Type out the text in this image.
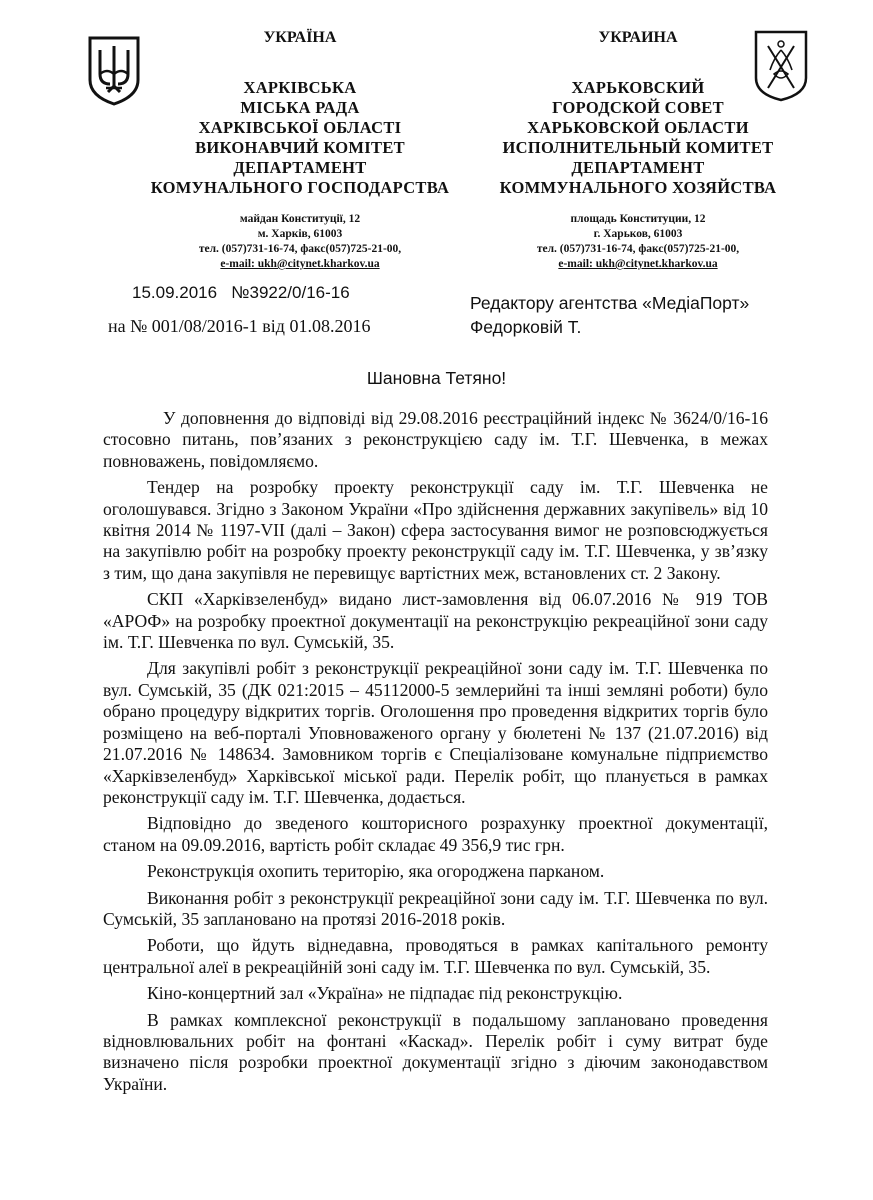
УКРАЇНА
ХАРКІВСЬКА
МІСЬКА РАДА
ХАРКІВСЬКОЇ ОБЛАСТІ
ВИКОНАВЧИЙ КОМІТЕТ
ДЕПАРТАМЕНТ
КОМУНАЛЬНОГО ГОСПОДАРСТВА
майдан Конституції, 12
м. Харків, 61003
тел. (057)731-16-74, факс(057)725-21-00,
e-mail: ukh@citynet.kharkov.ua
УКРАИНА
ХАРЬКОВСКИЙ
ГОРОДСКОЙ СОВЕТ
ХАРЬКОВСКОЙ ОБЛАСТИ
ИСПОЛНИТЕЛЬНЫЙ КОМИТЕТ
ДЕПАРТАМЕНТ
КОММУНАЛЬНОГО ХОЗЯЙСТВА
площадь Конституции, 12
г. Харьков, 61003
тел. (057)731-16-74, факс(057)725-21-00,
e-mail: ukh@citynet.kharkov.ua
15.09.2016   №3922/0/16-16
на № 001/08/2016-1 від 01.08.2016
Редактору агентства «МедіаПорт»
Федорковій Т.
Шановна Тетяно!

У доповнення до відповіді від 29.08.2016 реєстраційний індекс № 3624/0/16-16 стосовно питань, пов’язаних з реконструкцією саду ім. Т.Г. Шевченка, в межах повноважень, повідомляємо.

Тендер на розробку проекту реконструкції саду ім. Т.Г. Шевченка не оголошувався. Згідно з Законом України «Про здійснення державних закупівель» від 10 квітня 2014 № 1197-VII (далі – Закон) сфера застосування вимог не розповсюджується на закупівлю робіт на розробку проекту реконструкції саду ім. Т.Г. Шевченка, у зв’язку з тим, що дана закупівля не перевищує вартістних меж, встановлених ст. 2 Закону.

СКП «Харківзеленбуд» видано лист-замовлення від 06.07.2016 № 919 ТОВ «АРОФ» на розробку проектної документації на реконструкцію рекреаційної зони саду ім. Т.Г. Шевченка по вул. Сумській, 35.

Для закупівлі робіт з реконструкції рекреаційної зони саду ім. Т.Г. Шевченка по вул. Сумській, 35 (ДК 021:2015 – 45112000-5 землерийні та інші земляні роботи) було обрано процедуру відкритих торгів. Оголошення про проведення відкритих торгів було розміщено на веб-порталі Уповноваженого органу у бюлетені № 137 (21.07.2016) від 21.07.2016 № 148634. Замовником торгів є Спеціалізоване комунальне підприємство «Харківзеленбуд» Харківської міської ради. Перелік робіт, що планується в рамках реконструкції саду ім. Т.Г. Шевченка, додається.

Відповідно до зведеного кошторисного розрахунку проектної документації, станом на 09.09.2016, вартість робіт складає 49 356,9 тис грн.

Реконструкція охопить територію, яка огороджена парканом.

Виконання робіт з реконструкції рекреаційної зони саду ім. Т.Г. Шевченка по вул. Сумській, 35 заплановано на протязі 2016-2018 років.

Роботи, що йдуть віднедавна, проводяться в рамках капітального ремонту центральної алеї в рекреаційній зоні саду ім. Т.Г. Шевченка по вул. Сумській, 35.

Кіно-концертний зал «Україна» не підпадає під реконструкцію.

В рамках комплексної реконструкції в подальшому заплановано проведення відновлювальних робіт на фонтані «Каскад». Перелік робіт і суму витрат буде визначено після розробки проектної документації згідно з діючим законодавством України.
